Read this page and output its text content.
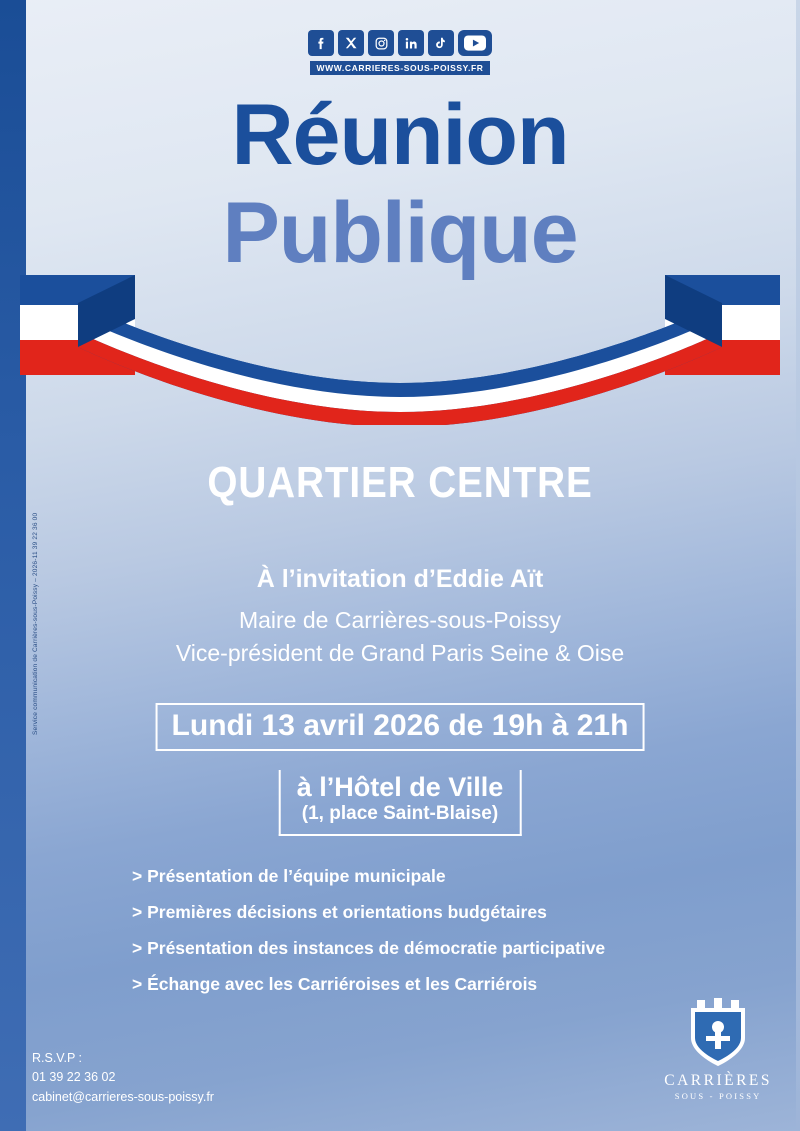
Service communication de Carrières-sous-Poissy – 2026-11 39 22 36 00
WWW.CARRIERES-SOUS-POISSY.FR
Réunion
Publique
QUARTIER CENTRE
À l’invitation d’Eddie Aït
Maire de Carrières-sous-Poissy
Vice-président de Grand Paris Seine & Oise
Lundi 13 avril 2026 de 19h à 21h
à l’Hôtel de Ville
(1, place Saint-Blaise)
> Présentation de l’équipe municipale
> Premières décisions et orientations budgétaires
> Présentation des instances de démocratie participative
> Échange avec les Carriéroises et les Carriérois
R.S.V.P :
01 39 22 36 02
cabinet@carrieres-sous-poissy.fr
CARRIÈRES
SOUS - POISSY
